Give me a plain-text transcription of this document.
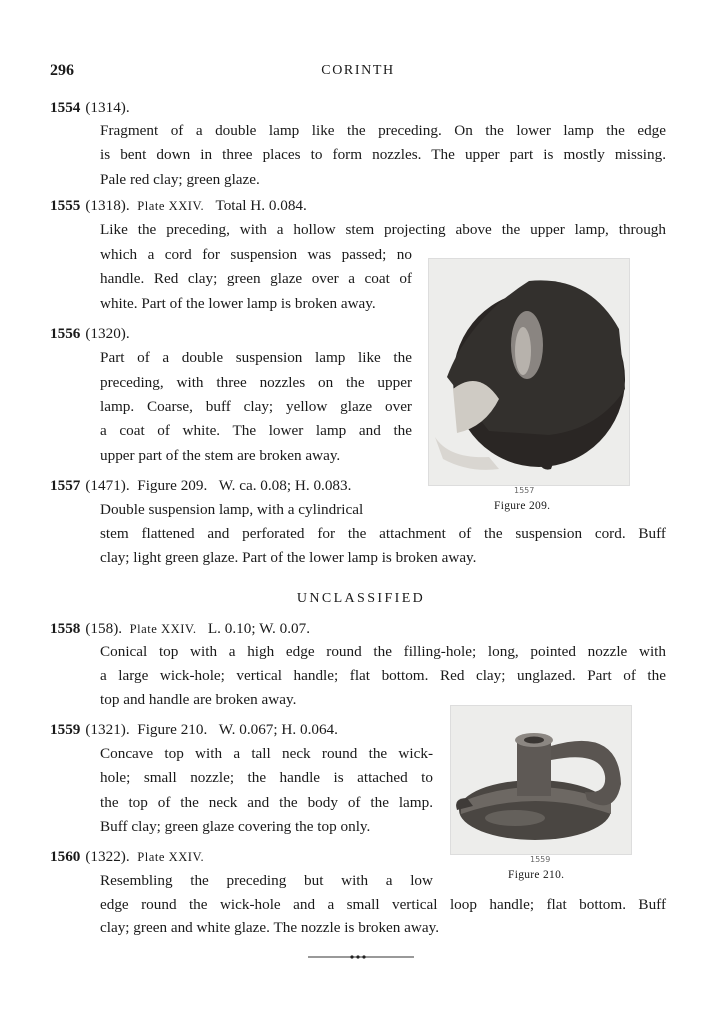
296	CORINTH
1554 (1314).
Fragment of a double lamp like the preceding. On the lower lamp the edge
is bent down in three places to form nozzles. The upper part is mostly missing.
Pale red clay; green glaze.
1555 (1318). Plate XXIV. Total H. 0.084.
Like the preceding, with a hollow stem projecting above the upper lamp, through
which a cord for suspension was passed; no
handle. Red clay; green glaze over a coat of
white. Part of the lower lamp is broken away.
1556 (1320).
Part of a double suspension lamp like the
preceding, with three nozzles on the upper
lamp. Coarse, buff clay; yellow glaze over
a coat of white. The lower lamp and the
upper part of the stem are broken away.
1557 (1471). Figure 209. W. ca. 0.08; H. 0.083.
Double suspension lamp, with a cylindrical
stem flattened and perforated for the attachment of the suspension cord. Buff
clay; light green glaze. Part of the lower lamp is broken away.
1557
Figure 209.
UNCLASSIFIED
1558 (158). Plate XXIV. L. 0.10; W. 0.07.
Conical top with a high edge round the filling-hole; long, pointed nozzle with
a large wick-hole; vertical handle; flat bottom. Red clay; unglazed. Part of the
top and handle are broken away.
1559 (1321). Figure 210. W. 0.067; H. 0.064.
Concave top with a tall neck round the wick-
hole; small nozzle; the handle is attached to
the top of the neck and the body of the lamp.
Buff clay; green glaze covering the top only.
1559
Figure 210.
1560 (1322). Plate XXIV.
Resembling the preceding but with a low
edge round the wick-hole and a small vertical loop handle; flat bottom. Buff
clay; green and white glaze. The nozzle is broken away.
